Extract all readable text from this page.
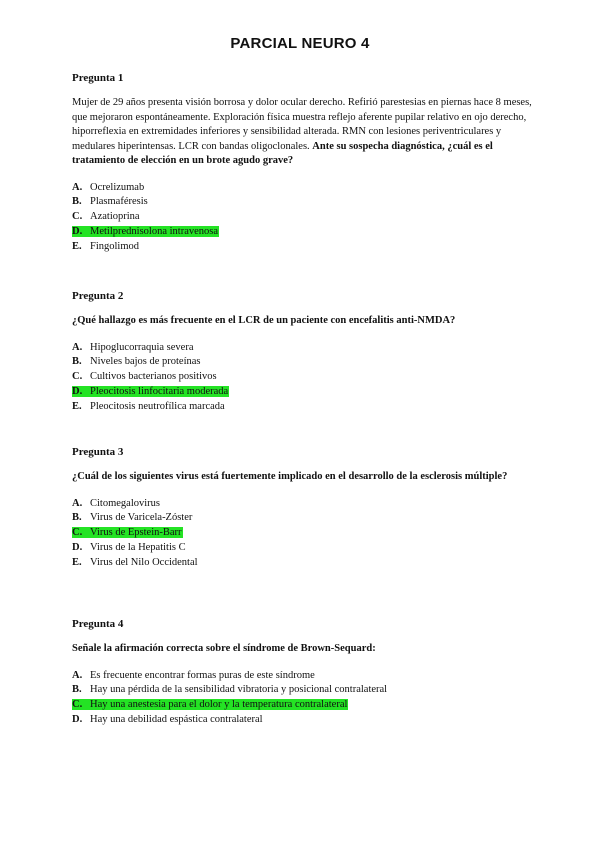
PARCIAL NEURO 4

Pregunta 1

Mujer de 29 años presenta visión borrosa y dolor ocular derecho. Refirió parestesias en piernas hace 8 meses, que mejoraron espontáneamente. Exploración física muestra reflejo aferente pupilar relativo en ojo derecho, hiporreflexia en extremidades inferiores y sensibilidad alterada. RMN con lesiones periventriculares y medulares hiperintensas. LCR con bandas oligoclonales. Ante su sospecha diagnóstica, ¿cuál es el tratamiento de elección en un brote agudo grave?

A. Ocrelizumab
B. Plasmaféresis
C. Azatioprina
D. Metilprednisolona intravenosa
E. Fingolimod

Pregunta 2

¿Qué hallazgo es más frecuente en el LCR de un paciente con encefalitis anti-NMDA?

A. Hipoglucorraquia severa
B. Niveles bajos de proteínas
C. Cultivos bacterianos positivos
D. Pleocitosis linfocitaria moderada
E. Pleocitosis neutrofílica marcada

Pregunta 3

¿Cuál de los siguientes virus está fuertemente implicado en el desarrollo de la esclerosis múltiple?

A. Citomegalovirus
B. Virus de Varicela-Zóster
C. Virus de Epstein-Barr
D. Virus de la Hepatitis C
E. Virus del Nilo Occidental

Pregunta 4

Señale la afirmación correcta sobre el síndrome de Brown-Sequard:

A. Es frecuente encontrar formas puras de este síndrome
B. Hay una pérdida de la sensibilidad vibratoria y posicional contralateral
C. Hay una anestesia para el dolor y la temperatura contralateral
D. Hay una debilidad espástica contralateral
